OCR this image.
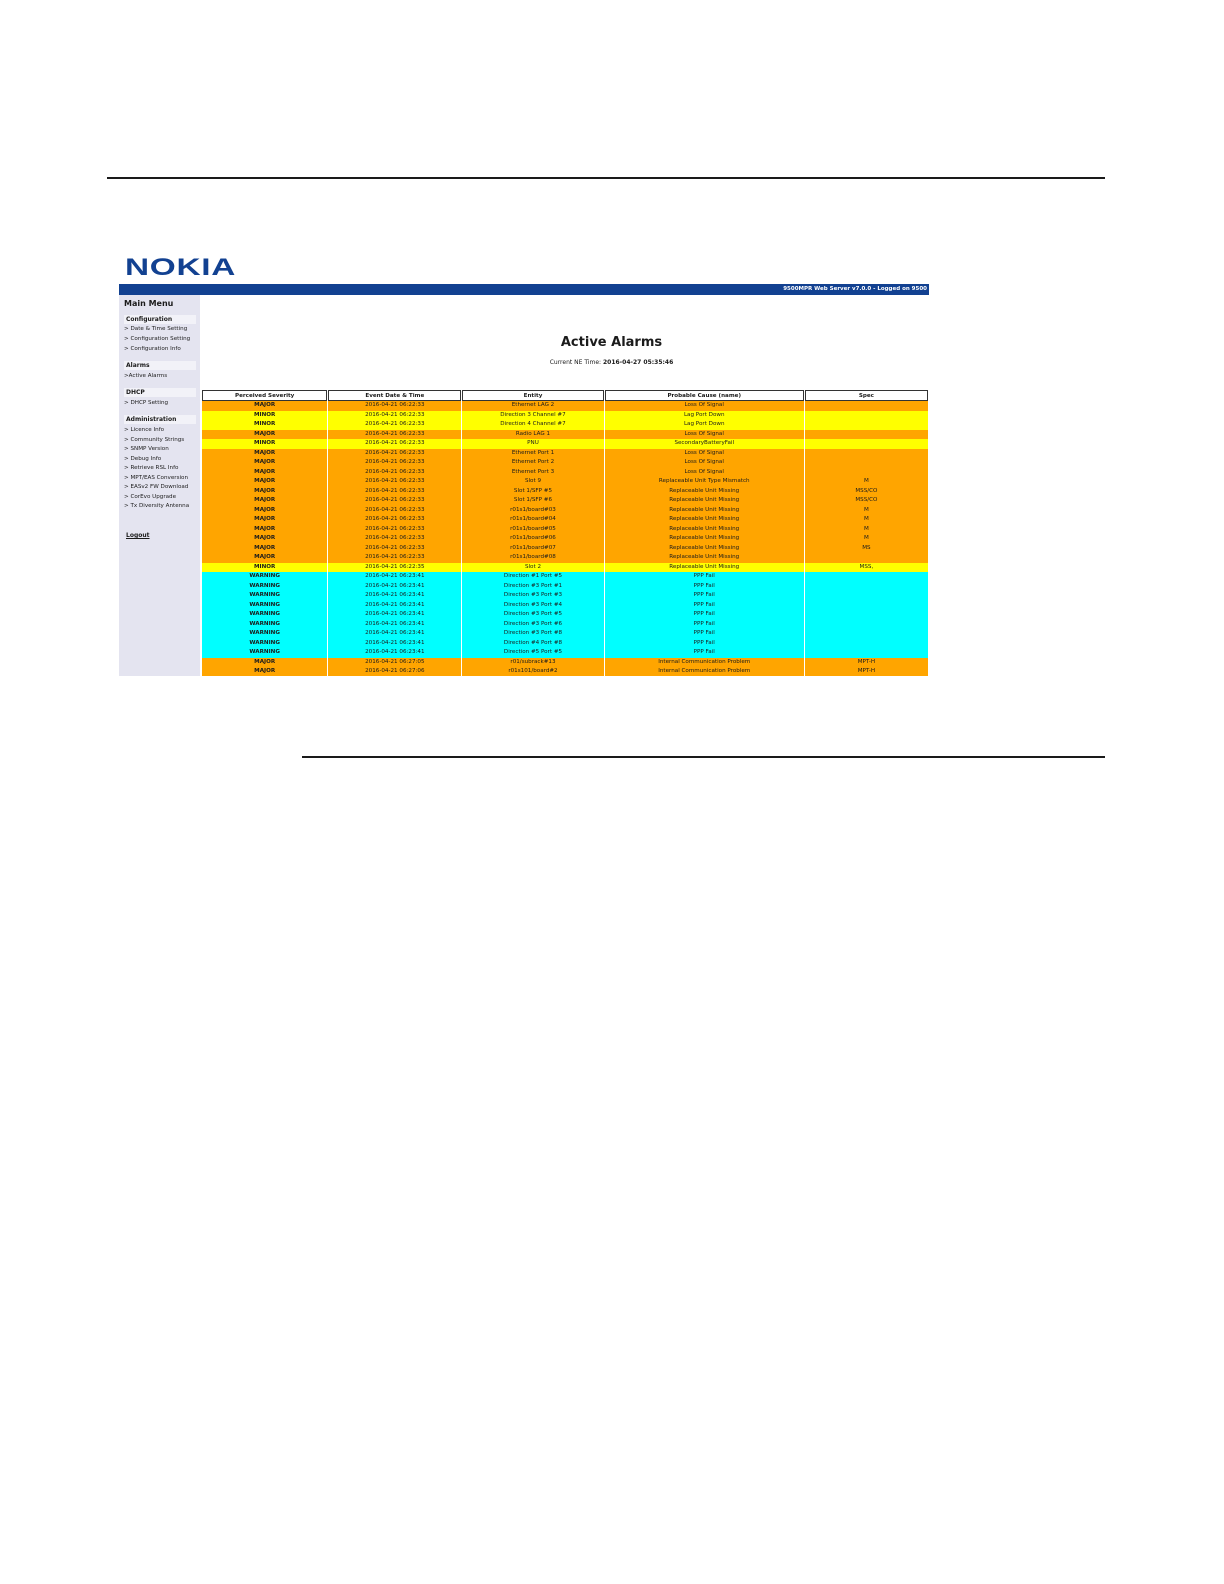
NOKIA
9500MPR Web Server v7.0.0 - Logged on 9500
Main Menu
Configuration
> Date & Time Setting
> Configuration Setting
> Configuration Info
Alarms
>Active Alarms
DHCP
> DHCP Setting
Administration
> Licence Info
> Community Strings
> SNMP Version
> Debug Info
> Retrieve RSL Info
> MPT/EAS Conversion
> EASv2 FW Download
> CorEvo Upgrade
> Tx Diversity Antenna
Logout
Active Alarms
Current NE Time: 2016-04-27 05:35:46
Perceived Severity	Event Date & Time	Entity	Probable Cause (name)	Spec
MAJOR	2016-04-21 06:22:33	Ethernet LAG 2	Loss Of Signal	
MINOR	2016-04-21 06:22:33	Direction 3 Channel #7	Lag Port Down	
MINOR	2016-04-21 06:22:33	Direction 4 Channel #7	Lag Port Down	
MAJOR	2016-04-21 06:22:33	Radio LAG 1	Loss Of Signal	
MINOR	2016-04-21 06:22:33	PNU	SecondaryBatteryFail	
MAJOR	2016-04-21 06:22:33	Ethernet Port 1	Loss Of Signal	
MAJOR	2016-04-21 06:22:33	Ethernet Port 2	Loss Of Signal	
MAJOR	2016-04-21 06:22:33	Ethernet Port 3	Loss Of Signal	
MAJOR	2016-04-21 06:22:33	Slot 9	Replaceable Unit Type Mismatch	M
MAJOR	2016-04-21 06:22:33	Slot 1/SFP #5	Replaceable Unit Missing	MSS/CO
MAJOR	2016-04-21 06:22:33	Slot 1/SFP #6	Replaceable Unit Missing	MSS/CO
MAJOR	2016-04-21 06:22:33	r01s1/board#03	Replaceable Unit Missing	M
MAJOR	2016-04-21 06:22:33	r01s1/board#04	Replaceable Unit Missing	M
MAJOR	2016-04-21 06:22:33	r01s1/board#05	Replaceable Unit Missing	M
MAJOR	2016-04-21 06:22:33	r01s1/board#06	Replaceable Unit Missing	M
MAJOR	2016-04-21 06:22:33	r01s1/board#07	Replaceable Unit Missing	MS
MAJOR	2016-04-21 06:22:33	r01s1/board#08	Replaceable Unit Missing	
MINOR	2016-04-21 06:22:35	Slot 2	Replaceable Unit Missing	MSS,
WARNING	2016-04-21 06:23:41	Direction #1 Port #5	PPP Fail	
WARNING	2016-04-21 06:23:41	Direction #3 Port #1	PPP Fail	
WARNING	2016-04-21 06:23:41	Direction #3 Port #3	PPP Fail	
WARNING	2016-04-21 06:23:41	Direction #3 Port #4	PPP Fail	
WARNING	2016-04-21 06:23:41	Direction #3 Port #5	PPP Fail	
WARNING	2016-04-21 06:23:41	Direction #3 Port #6	PPP Fail	
WARNING	2016-04-21 06:23:41	Direction #3 Port #8	PPP Fail	
WARNING	2016-04-21 06:23:41	Direction #4 Port #8	PPP Fail	
WARNING	2016-04-21 06:23:41	Direction #5 Port #5	PPP Fail	
MAJOR	2016-04-21 06:27:05	r01/subrack#13	Internal Communication Problem	MPT-H
MAJOR	2016-04-21 06:27:06	r01s101/board#2	Internal Communication Problem	MPT-H
